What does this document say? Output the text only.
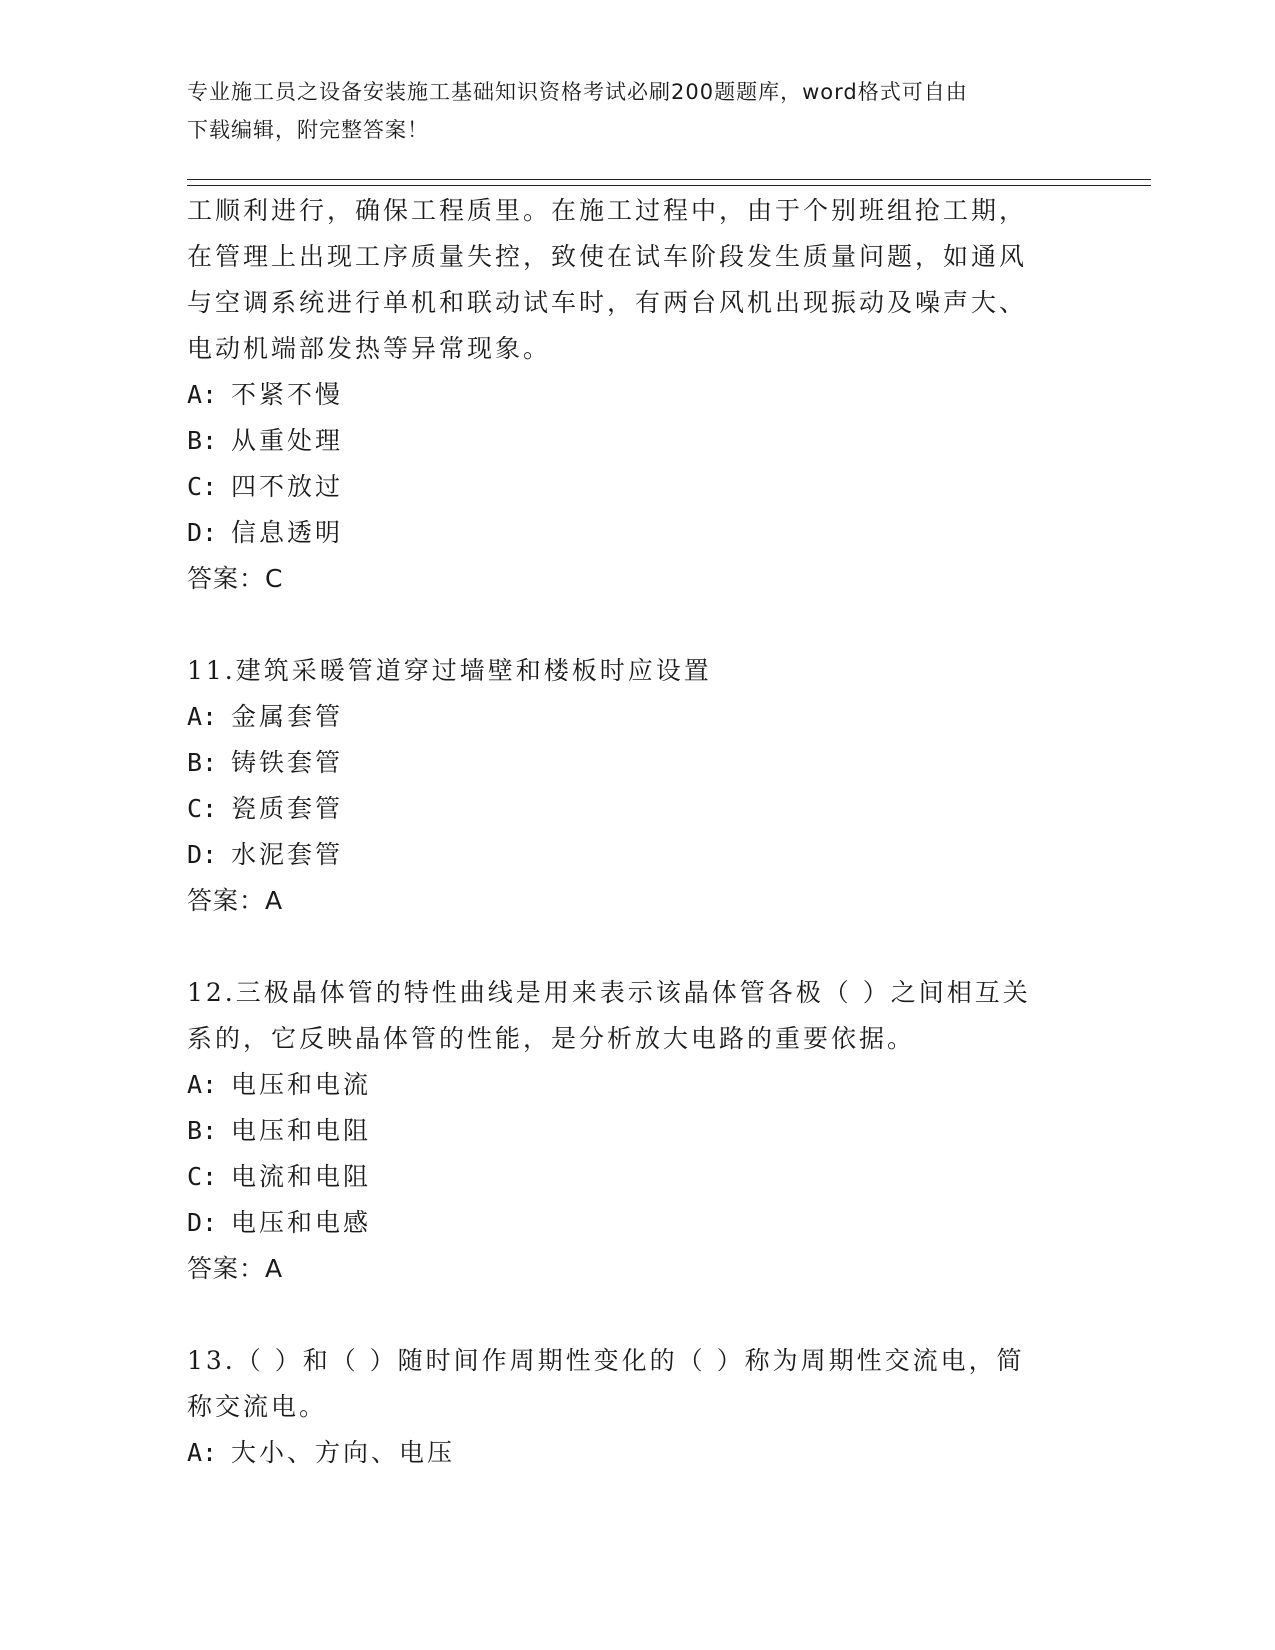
专业施工员之设备安装施工基础知识资格考试必刷200题题库，word格式可自由
下载编辑，附完整答案！

工顺利进行，确保工程质里。在施工过程中，由于个别班组抢工期，
在管理上出现工序质量失控，致使在试车阶段发生质量问题，如通风
与空调系统进行单机和联动试车时，有两台风机出现振动及噪声大、
电动机端部发热等异常现象。

A: 不紧不慢
B: 从重处理
C: 四不放过
D: 信息透明
答案：C

11.建筑采暖管道穿过墙壁和楼板时应设置

A: 金属套管
B: 铸铁套管
C: 瓷质套管
D: 水泥套管
答案：A

12.三极晶体管的特性曲线是用来表示该晶体管各极（ ）之间相互关
系的，它反映晶体管的性能，是分析放大电路的重要依据。

A: 电压和电流
B: 电压和电阻
C: 电流和电阻
D: 电压和电感
答案：A

13.（ ）和（ ）随时间作周期性变化的（ ）称为周期性交流电，简
称交流电。

A: 大小、方向、电压
